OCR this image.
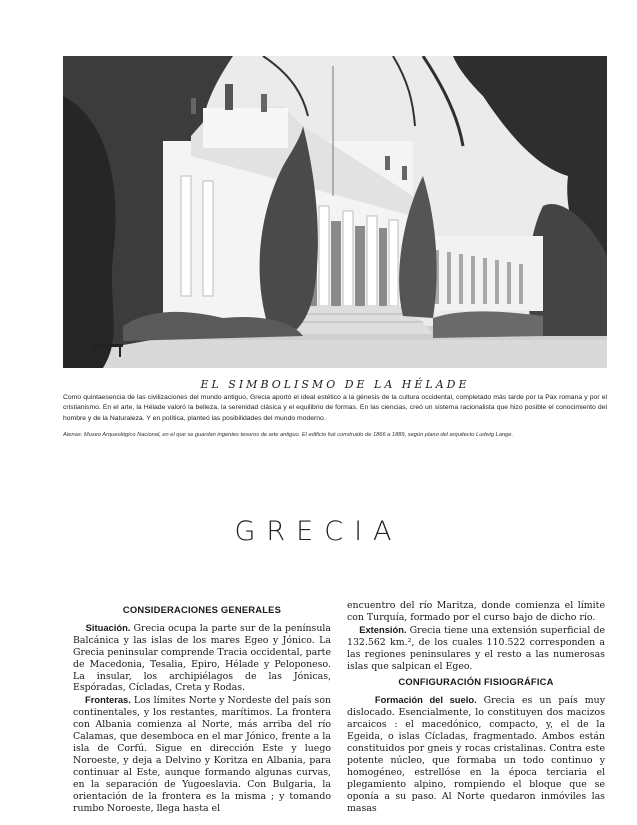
EL SIMBOLISMO DE LA HÉLADE
Como quintaesencia de las civilizaciones del mundo antiguo, Grecia aportó el ideal estético a la génesis de la cultura occidental, completado más tarde por la Pax romana y por el cristianismo. En el arte, la Hélade valoró la belleza, la serenidad clásica y el equilibrio de formas. En las ciencias, creó un sistema racionalista que hizo posible el conocimiento del hombre y de la Naturaleza. Y en política, planteó las posibilidades del mundo moderno.
Atenas: Museo Arqueológico Nacional, en el que se guardan ingentes tesoros de arte antiguo. El edificio fué construido de 1866 a 1889, según plano del arquitecto Ludwig Lange.
GRECIA
CONSIDERACIONES GENERALES

Situación. Grecia ocupa la parte sur de la península Balcánica y las islas de los mares Egeo y Jónico. La Grecia peninsular comprende Tracia occidental, parte de Macedonia, Tesalia, Epiro, Hélade y Peloponeso. La insular, los archipiélagos de las Jónicas, Espóradas, Cícladas, Creta y Rodas.

Fronteras. Los límites Norte y Nordeste del país son continentales, y los restantes, marítimos. La frontera con Albania comienza al Norte, más arriba del río Calamas, que desemboca en el mar Jónico, frente a la isla de Corfú. Sigue en dirección Este y luego Noroeste, y deja a Delvino y Koritza en Albania, para continuar al Este, aunque formando algunas curvas, en la separación de Yugoeslavia. Con Bulgaria, la orientación de la frontera es la misma ; y tomando rumbo Noroeste, llega hasta el

encuentro del río Maritza, donde comienza el límite con Turquía, formado por el curso bajo de dicho río.

Extensión. Grecia tiene una extensión superficial de 132.562 km.², de los cuales 110.522 corresponden a las regiones peninsulares y el resto a las numerosas islas que salpican el Egeo.

CONFIGURACIÓN FISIOGRÁFICA

Formación del suelo. Grecia es un país muy dislocado. Esencialmente, lo constituyen dos macizos arcaicos : el macedónico, compacto, y, el de la Egeida, o islas Cícladas, fragmentado. Ambos están constituidos por gneis y rocas cristalinas. Contra este potente núcleo, que formaba un todo continuo y homogéneo, estrellóse en la época terciaria el plegamiento alpino, rompiendo el bloque que se oponía a su paso. Al Norte quedaron inmóviles las masas
